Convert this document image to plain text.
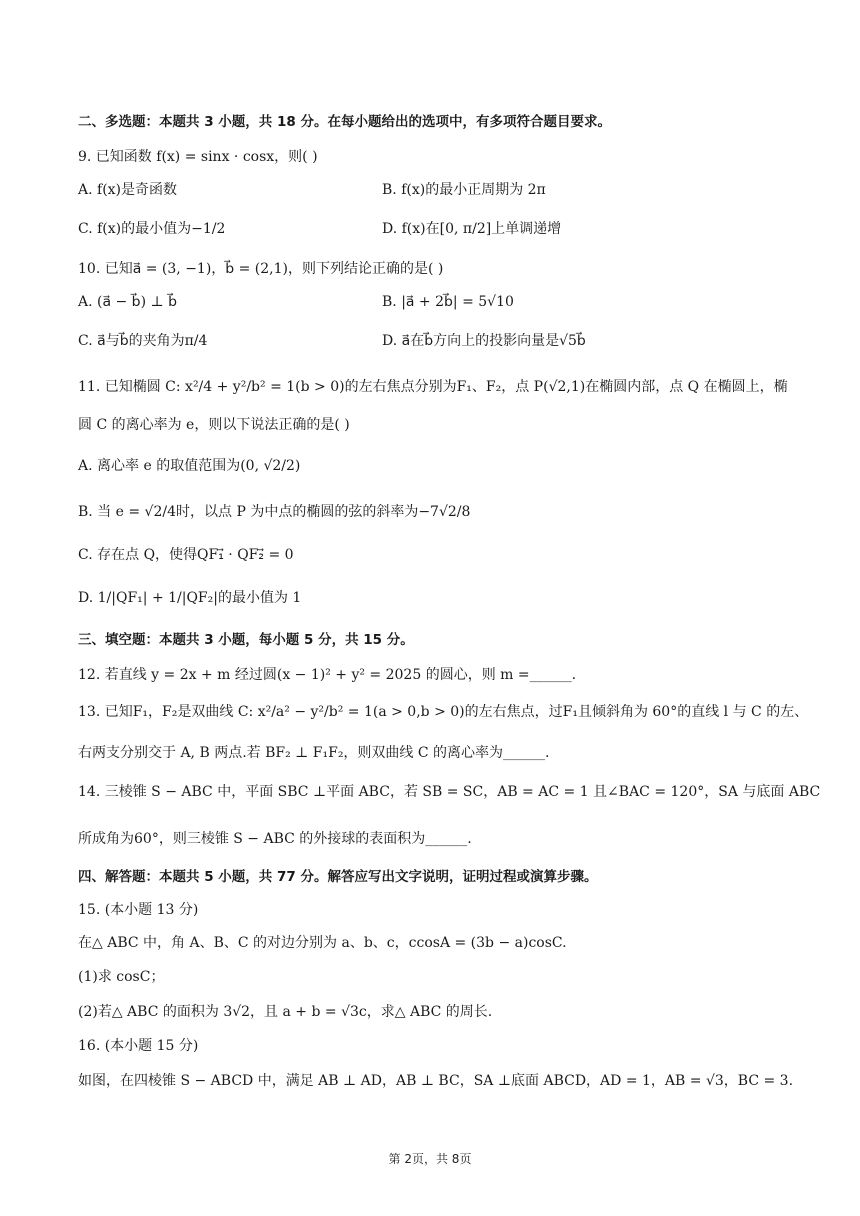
二、多选题：本题共 3 小题，共 18 分。在每小题给出的选项中，有多项符合题目要求。
9. 已知函数 f(x) = sinx · cosx，则( )
A. f(x)是奇函数	B. f(x)的最小正周期为 2π
C. f(x)的最小值为−1/2	D. f(x)在[0, π/2]上单调递增
10. 已知a⃗ = (3, −1)，b⃗ = (2,1)，则下列结论正确的是( )
A. (a⃗ − b⃗) ⊥ b⃗	B. |a⃗ + 2b⃗| = 5√10
C. a⃗与b⃗的夹角为π/4	D. a⃗在b⃗方向上的投影向量是√5b⃗
11. 已知椭圆 C: x²/4 + y²/b² = 1(b > 0)的左右焦点分别为F₁、F₂，点 P(√2,1)在椭圆内部，点 Q 在椭圆上，椭
圆 C 的离心率为 e，则以下说法正确的是( )
A. 离心率 e 的取值范围为(0, √2/2)
B. 当 e = √2/4时，以点 P 为中点的椭圆的弦的斜率为−7√2/8
C. 存在点 Q，使得QF₁⃗ · QF₂⃗ = 0
D. 1/|QF₁| + 1/|QF₂|的最小值为 1
三、填空题：本题共 3 小题，每小题 5 分，共 15 分。
12. 若直线 y = 2x + m 经过圆(x − 1)² + y² = 2025 的圆心，则 m =______.
13. 已知F₁，F₂是双曲线 C: x²/a² − y²/b² = 1(a > 0,b > 0)的左右焦点，过F₁且倾斜角为 60°的直线 l 与 C 的左、
右两支分别交于 A, B 两点.若 BF₂ ⊥ F₁F₂，则双曲线 C 的离心率为______.
14. 三棱锥 S − ABC 中，平面 SBC ⊥平面 ABC，若 SB = SC，AB = AC = 1 且∠BAC = 120°，SA 与底面 ABC
所成角为60°，则三棱锥 S − ABC 的外接球的表面积为______.
四、解答题：本题共 5 小题，共 77 分。解答应写出文字说明，证明过程或演算步骤。
15. (本小题 13 分)
在△ ABC 中，角 A、B、C 的对边分别为 a、b、c，ccosA = (3b − a)cosC.
(1)求 cosC；
(2)若△ ABC 的面积为 3√2，且 a + b = √3c，求△ ABC 的周长.
16. (本小题 15 分)
如图，在四棱锥 S − ABCD 中，满足 AB ⊥ AD，AB ⊥ BC，SA ⊥底面 ABCD，AD = 1，AB = √3，BC = 3.
第 2页，共 8页
